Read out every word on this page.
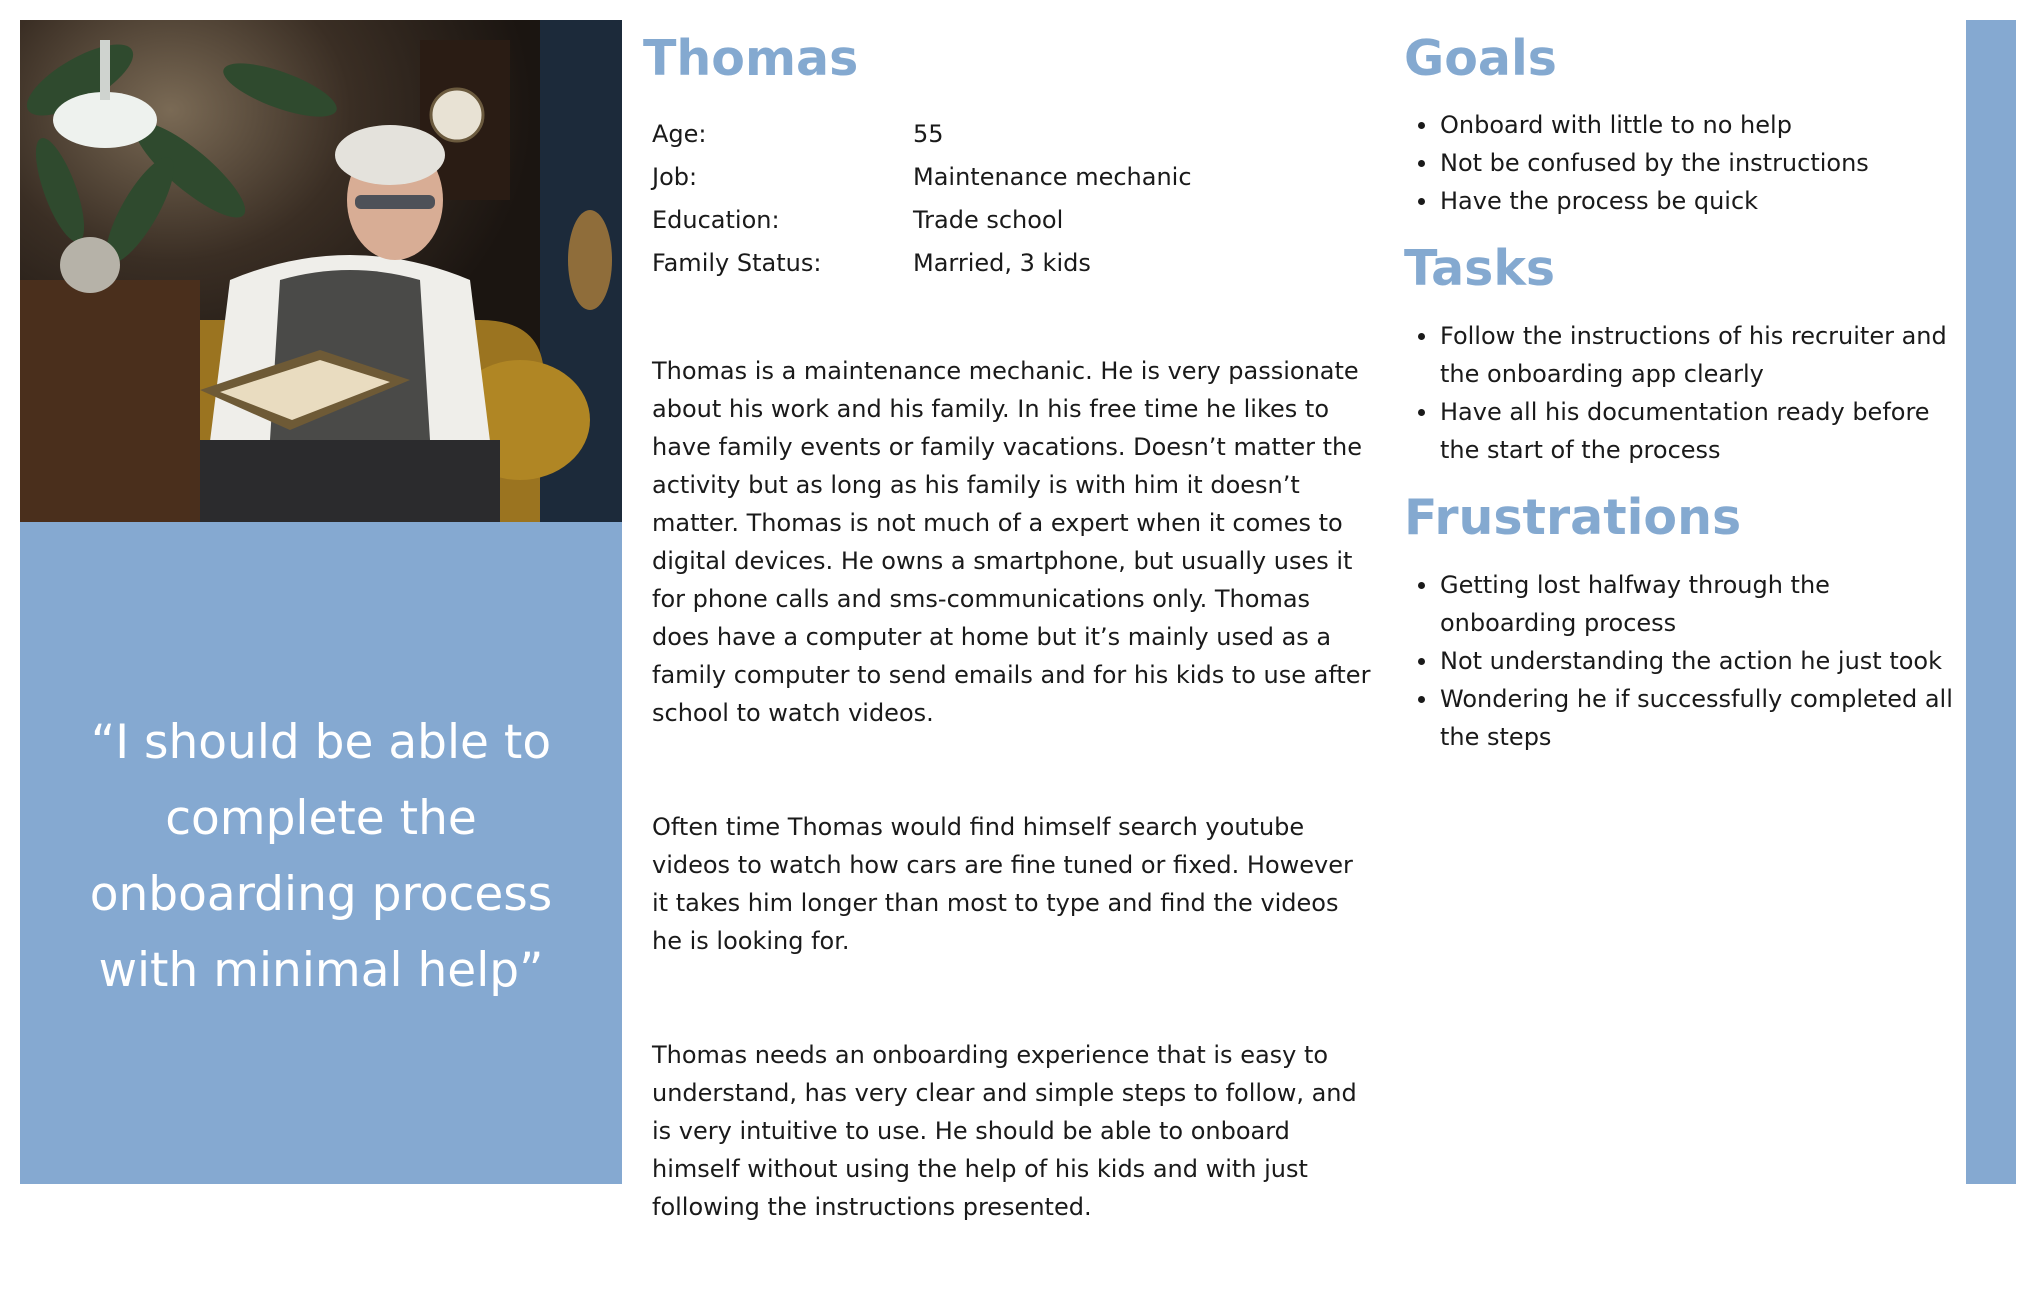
“I should be able to complete the onboarding process with minimal help”
Thomas
Age:	55
Job:	Maintenance mechanic
Education:	Trade school
Family Status:	Married, 3 kids

Thomas is a maintenance mechanic. He is very passionate about his work and his family. In his free time he likes to have family events or family vacations. Doesn’t matter the activity but as long as his family is with him it doesn’t matter. Thomas is not much of a expert when it comes to digital devices. He owns a smartphone, but usually uses it for phone calls and sms-communications only. Thomas does have a computer at home but it’s mainly used as a family computer to send emails and for his kids to use after school to watch videos.

Often time Thomas would find himself search youtube videos to watch how cars are fine tuned or fixed. However it takes him longer than most to type and find the videos he is looking for.

Thomas needs an onboarding experience that is easy to understand, has very clear and simple steps to follow, and is very intuitive to use. He should be able to onboard himself without using the help of his kids and with just following the instructions presented.

Goals
Onboard with little to no help
Not be confused by the instructions
Have the process be quick
Tasks
Follow the instructions of his recruiter and the onboarding app clearly
Have all his documentation ready before the start of the process
Frustrations
Getting lost halfway through the onboarding process
Not understanding the action he just took
Wondering he if successfully completed all the steps
